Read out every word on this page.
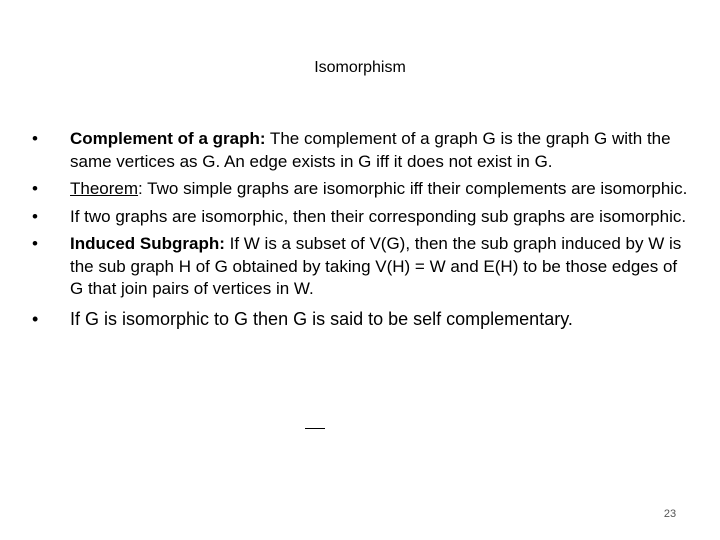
Isomorphism
•	Complement of a graph: The complement of a graph G is the graph G with the same vertices as G. An edge exists in G iff it does not exist in G.
•	Theorem: Two simple graphs are isomorphic iff their complements are isomorphic.
•	If two graphs are isomorphic, then their corresponding sub graphs are isomorphic.
•	Induced Subgraph: If W is a subset of V(G), then the sub graph induced by W is the sub graph H of G obtained by taking V(H) = W and E(H) to be those edges of G that join pairs of vertices in W.
•	If G is isomorphic to G then G is said to be self complementary.
23
